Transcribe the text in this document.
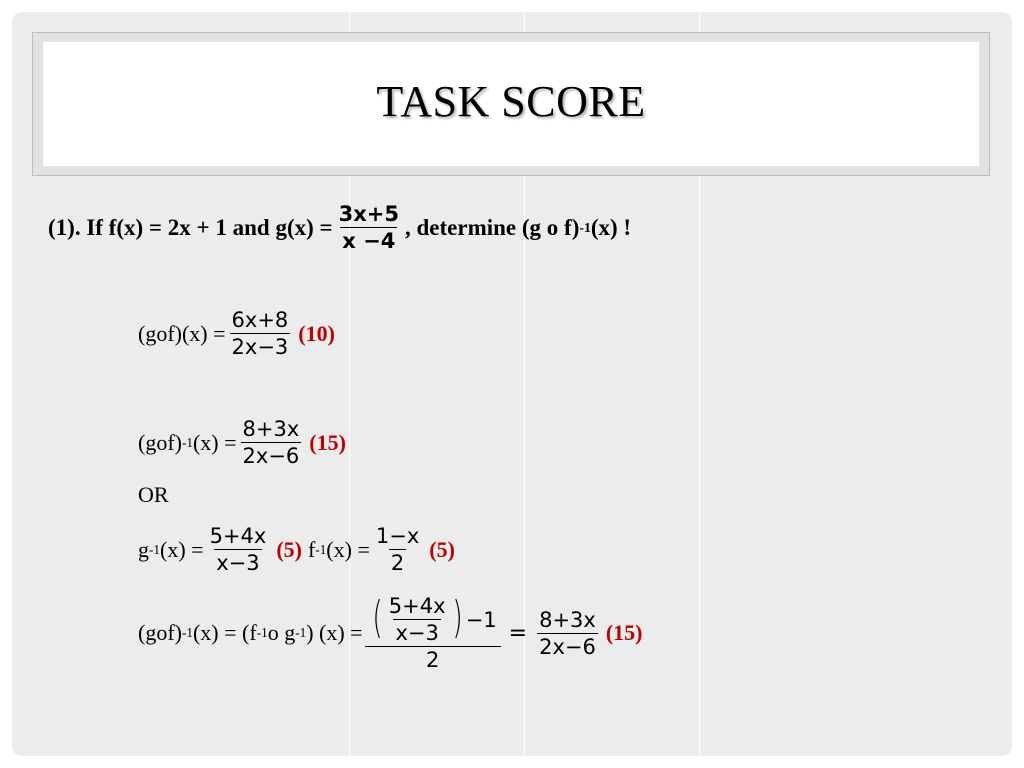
TASK SCORE
(1). If f(x) = 2x + 1 and $g(x) = \frac{3x+5}{x -4}$ , determine (g o f) -1 (x) !
$(gof)(x) = \frac{6x+8}{2x-3} (10)$
(gof) -1 $(x) = \frac{8+3x}{2x-6} (15)$
OR
g -1 $(x) = \frac{5+4x}{x-3} (5)$ f -1 $(x) = \frac{1-x}{2} (5)$
(gof) -1 (x) = (f -1 o g -1 ) (x) = ( $\frac{5+4x}{x-3}$ ) −1
2
= $\frac{8+3x}{2x-6} (15)$
